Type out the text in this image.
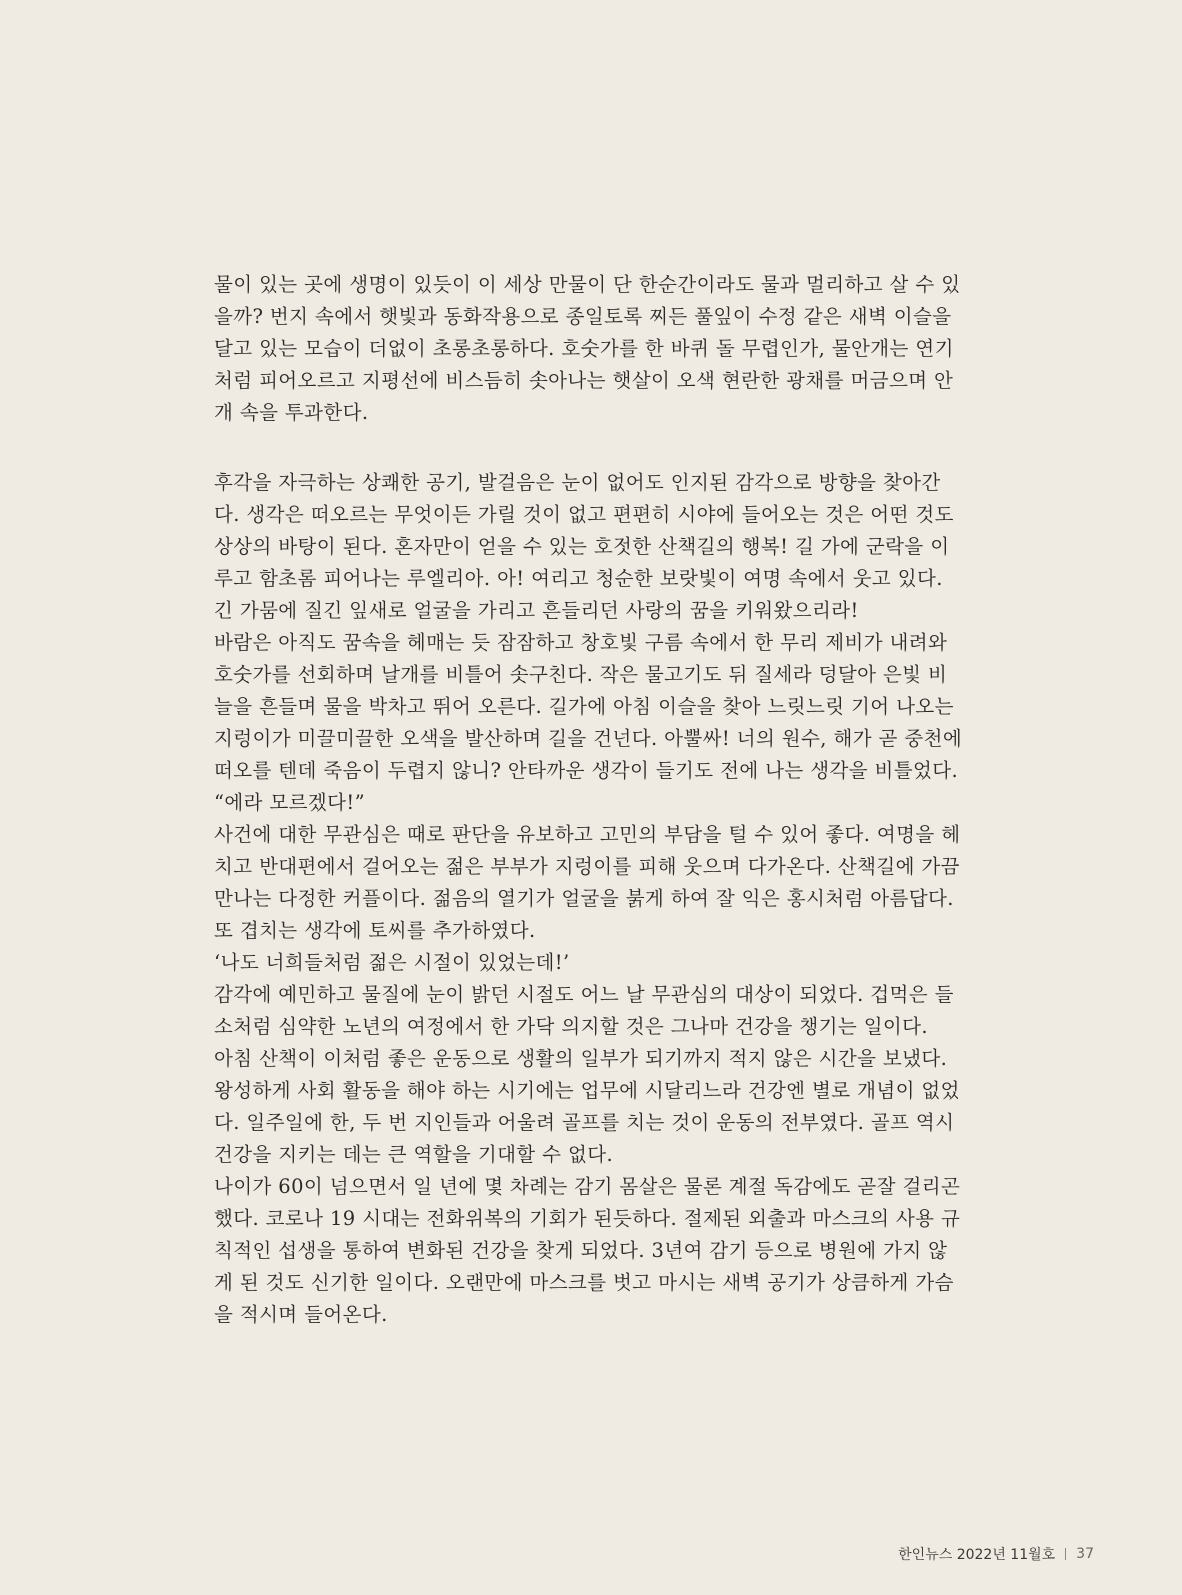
물이 있는 곳에 생명이 있듯이 이 세상 만물이 단 한순간이라도 물과 멀리하고 살 수 있
을까? 번지 속에서 햇빛과 동화작용으로 종일토록 찌든 풀잎이 수정 같은 새벽 이슬을
달고 있는 모습이 더없이 초롱초롱하다. 호숫가를 한 바퀴 돌 무렵인가, 물안개는 연기
처럼 피어오르고 지평선에 비스듬히 솟아나는 햇살이 오색 현란한 광채를 머금으며 안
개 속을 투과한다.
후각을 자극하는 상쾌한 공기, 발걸음은 눈이 없어도 인지된 감각으로 방향을 찾아간
다. 생각은 떠오르는 무엇이든 가릴 것이 없고 편편히 시야에 들어오는 것은 어떤 것도
상상의 바탕이 된다. 혼자만이 얻을 수 있는 호젓한 산책길의 행복! 길 가에 군락을 이
루고 함초롬 피어나는 루엘리아. 아! 여리고 청순한 보랏빛이 여명 속에서 웃고 있다.
긴 가뭄에 질긴 잎새로 얼굴을 가리고 흔들리던 사랑의 꿈을 키워왔으리라!
바람은 아직도 꿈속을 헤매는 듯 잠잠하고 창호빛 구름 속에서 한 무리 제비가 내려와
호숫가를 선회하며 날개를 비틀어 솟구친다. 작은 물고기도 뒤 질세라 덩달아 은빛 비
늘을 흔들며 물을 박차고 뛰어 오른다. 길가에 아침 이슬을 찾아 느릿느릿 기어 나오는
지렁이가 미끌미끌한 오색을 발산하며 길을 건넌다. 아뿔싸! 너의 원수, 해가 곧 중천에
떠오를 텐데 죽음이 두렵지 않니? 안타까운 생각이 들기도 전에 나는 생각을 비틀었다.
“에라 모르겠다!”
사건에 대한 무관심은 때로 판단을 유보하고 고민의 부담을 털 수 있어 좋다. 여명을 헤
치고 반대편에서 걸어오는 젊은 부부가 지렁이를 피해 웃으며 다가온다. 산책길에 가끔
만나는 다정한 커플이다. 젊음의 열기가 얼굴을 붉게 하여 잘 익은 홍시처럼 아름답다.
또 겹치는 생각에 토씨를 추가하였다.
‘나도 너희들처럼 젊은 시절이 있었는데!’
감각에 예민하고 물질에 눈이 밝던 시절도 어느 날 무관심의 대상이 되었다. 겁먹은 들
소처럼 심약한 노년의 여정에서 한 가닥 의지할 것은 그나마 건강을 챙기는 일이다.
아침 산책이 이처럼 좋은 운동으로 생활의 일부가 되기까지 적지 않은 시간을 보냈다.
왕성하게 사회 활동을 해야 하는 시기에는 업무에 시달리느라 건강엔 별로 개념이 없었
다. 일주일에 한, 두 번 지인들과 어울려 골프를 치는 것이 운동의 전부였다. 골프 역시
건강을 지키는 데는 큰 역할을 기대할 수 없다.
나이가 60이 넘으면서 일 년에 몇 차례는 감기 몸살은 물론 계절 독감에도 곧잘 걸리곤
했다. 코로나 19 시대는 전화위복의 기회가 된듯하다. 절제된 외출과 마스크의 사용 규
칙적인 섭생을 통하여 변화된 건강을 찾게 되었다. 3년여 감기 등으로 병원에 가지 않
게 된 것도 신기한 일이다. 오랜만에 마스크를 벗고 마시는 새벽 공기가 상큼하게 가슴
을 적시며 들어온다.
한인뉴스 2022년 11월호 37
